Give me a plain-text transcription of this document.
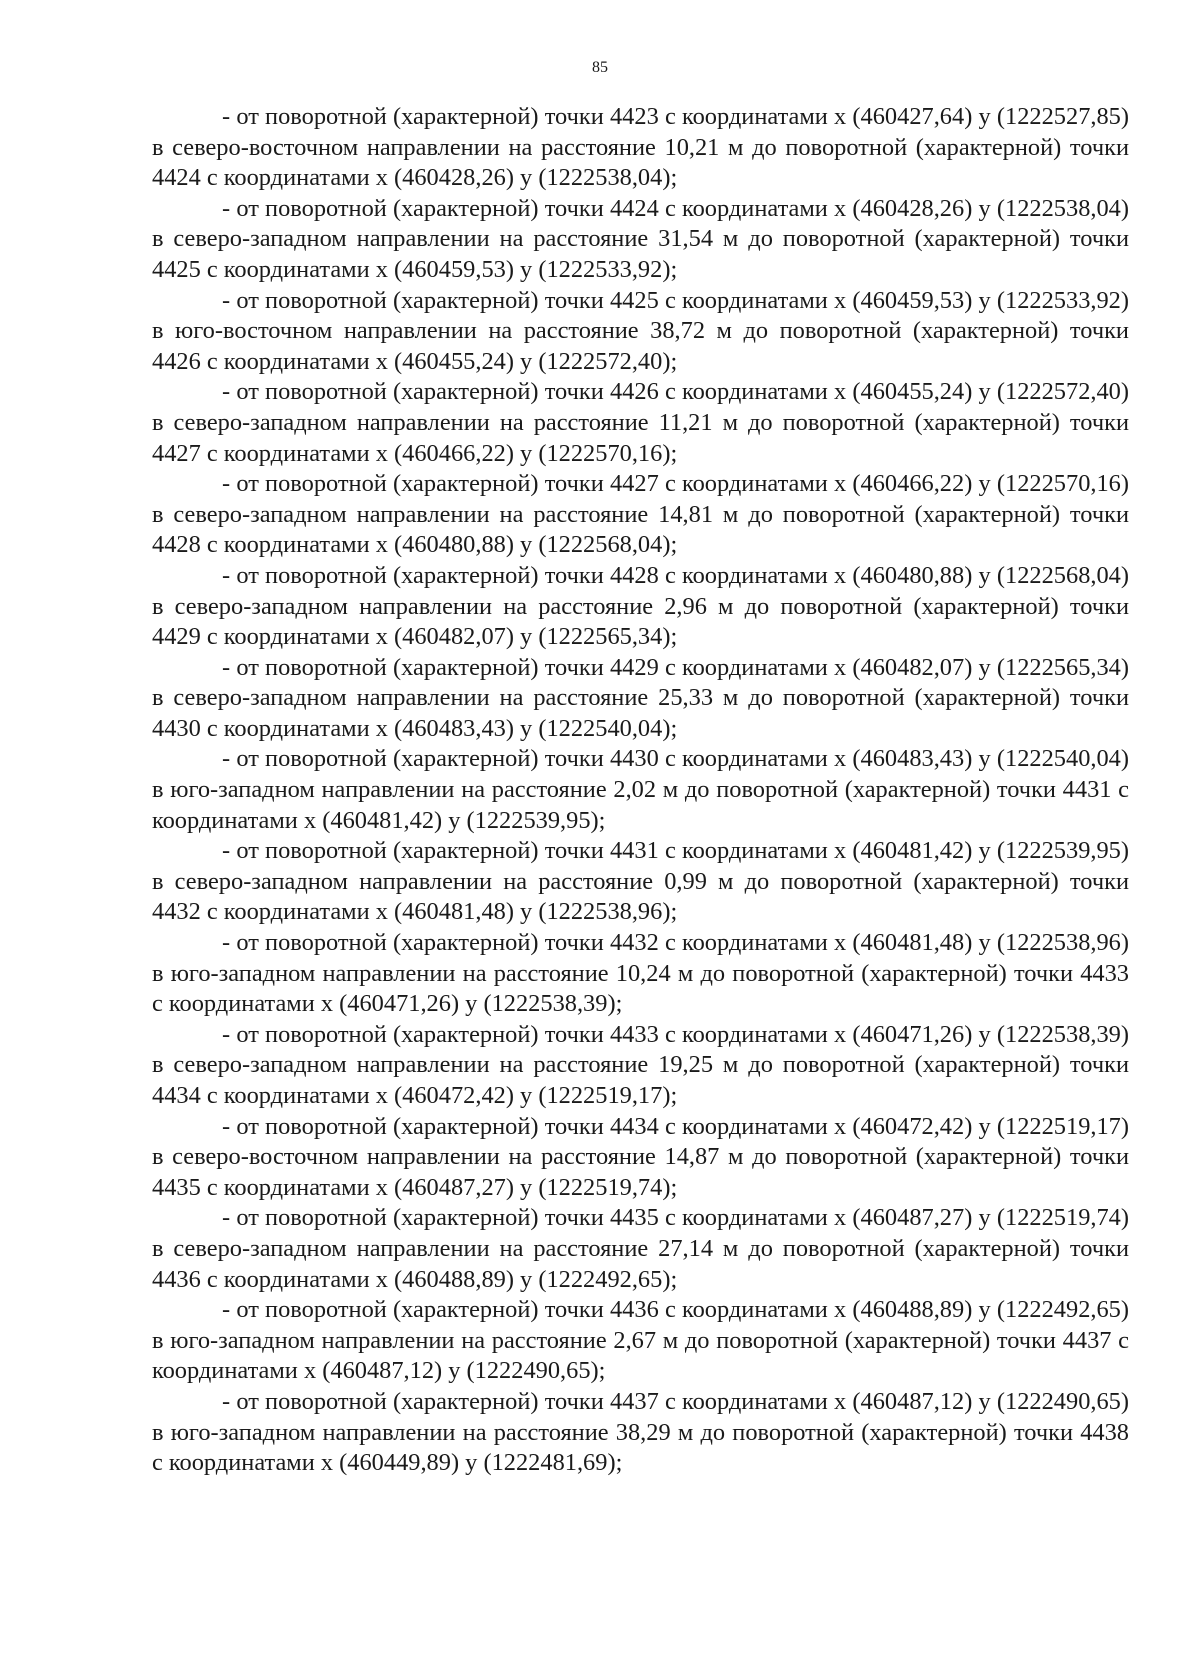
85

- от поворотной (характерной) точки 4423 с координатами х (460427,64) у (1222527,85) в северо-восточном направлении на расстояние 10,21 м до поворотной (характерной) точки 4424 с координатами х (460428,26) у (1222538,04);

- от поворотной (характерной) точки 4424 с координатами х (460428,26) у (1222538,04) в северо-западном направлении на расстояние 31,54 м до поворотной (характерной) точки 4425 с координатами х (460459,53) у (1222533,92);

- от поворотной (характерной) точки 4425 с координатами х (460459,53) у (1222533,92) в юго-восточном направлении на расстояние 38,72 м до поворотной (характерной) точки 4426 с координатами х (460455,24) у (1222572,40);

- от поворотной (характерной) точки 4426 с координатами х (460455,24) у (1222572,40) в северо-западном направлении на расстояние 11,21 м до поворотной (характерной) точки 4427 с координатами х (460466,22) у (1222570,16);

- от поворотной (характерной) точки 4427 с координатами х (460466,22) у (1222570,16) в северо-западном направлении на расстояние 14,81 м до поворотной (характерной) точки 4428 с координатами х (460480,88) у (1222568,04);

- от поворотной (характерной) точки 4428 с координатами х (460480,88) у (1222568,04) в северо-западном направлении на расстояние 2,96 м до поворотной (характерной) точки 4429 с координатами х (460482,07) у (1222565,34);

- от поворотной (характерной) точки 4429 с координатами х (460482,07) у (1222565,34) в северо-западном направлении на расстояние 25,33 м до поворотной (характерной) точки 4430 с координатами х (460483,43) у (1222540,04);

- от поворотной (характерной) точки 4430 с координатами х (460483,43) у (1222540,04) в юго-западном направлении на расстояние 2,02 м до поворотной (характерной) точки 4431 с координатами х (460481,42) у (1222539,95);

- от поворотной (характерной) точки 4431 с координатами х (460481,42) у (1222539,95) в северо-западном направлении на расстояние 0,99 м до поворотной (характерной) точки 4432 с координатами х (460481,48) у (1222538,96);

- от поворотной (характерной) точки 4432 с координатами х (460481,48) у (1222538,96) в юго-западном направлении на расстояние 10,24 м до поворотной (характерной) точки 4433 с координатами х (460471,26) у (1222538,39);

- от поворотной (характерной) точки 4433 с координатами х (460471,26) у (1222538,39) в северо-западном направлении на расстояние 19,25 м до поворотной (характерной) точки 4434 с координатами х (460472,42) у (1222519,17);

- от поворотной (характерной) точки 4434 с координатами х (460472,42) у (1222519,17) в северо-восточном направлении на расстояние 14,87 м до поворотной (характерной) точки 4435 с координатами х (460487,27) у (1222519,74);

- от поворотной (характерной) точки 4435 с координатами х (460487,27) у (1222519,74) в северо-западном направлении на расстояние 27,14 м до поворотной (характерной) точки 4436 с координатами х (460488,89) у (1222492,65);

- от поворотной (характерной) точки 4436 с координатами х (460488,89) у (1222492,65) в юго-западном направлении на расстояние 2,67 м до поворотной (характерной) точки 4437 с координатами х (460487,12) у (1222490,65);

- от поворотной (характерной) точки 4437 с координатами х (460487,12) у (1222490,65) в юго-западном направлении на расстояние 38,29 м до поворотной (характерной) точки 4438 с координатами х (460449,89) у (1222481,69);
